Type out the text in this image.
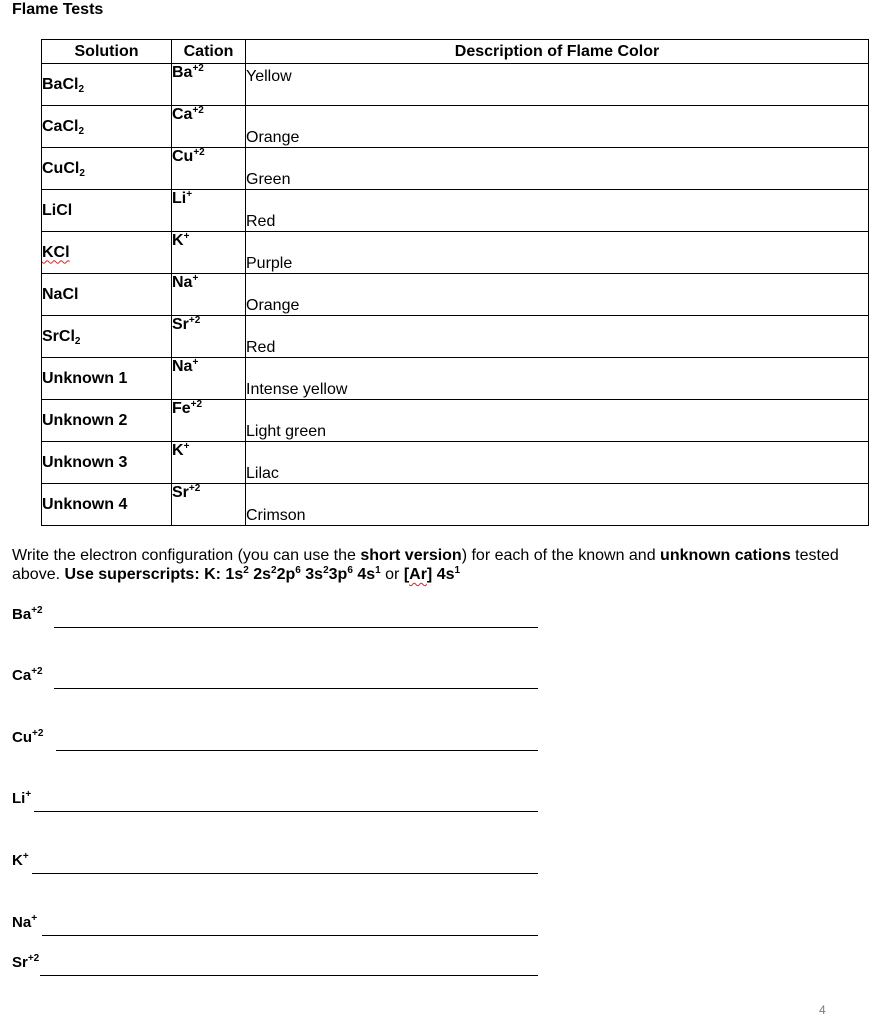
Flame Tests
Solution	Cation	Description of Flame Color
BaCl$_2$	$Ba^{+2}$	Yellow
CaCl$_2$	$Ca^{+2}$	Orange
CuCl$_2$	$Cu^{+2}$	Green
LiCl	Li+	Red
KCl	K+	Purple
NaCl	Na+	Orange
SrCl$_2$	$Sr^{+2}$	Red
Unknown 1	Na+	Intense yellow
Unknown 2	$Fe^{+2}$	Light green
Unknown 3	K+	Lilac
Unknown 4	$Sr^{+2}$	Crimson
Write the electron configuration (you can use the short version) for each of the known and unknown cations tested above. Use superscripts: K: $1s^2$ $2s^22p^6$ $3s^23p^6$ $4s^1$ or [Ar] $4s^1$
$Ba^{+2}$
$Ca^{+2}$
$Cu^{+2}$
Li+
K+
Na+
$Sr^{+2}$
4
